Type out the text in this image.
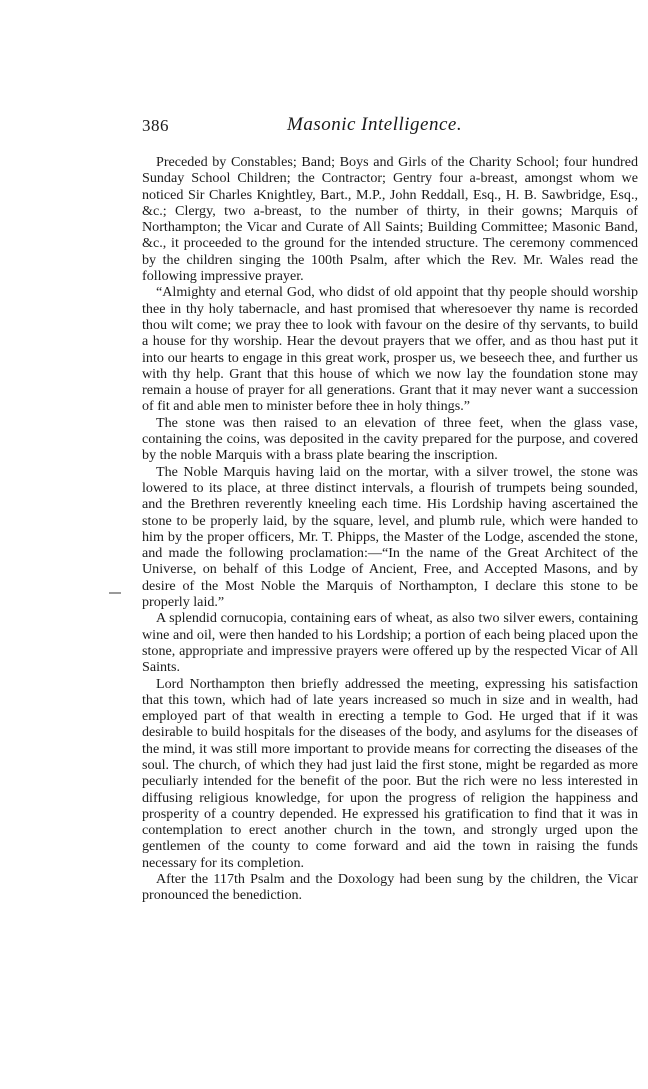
386	Masonic Intelligence.

Preceded by Constables; Band; Boys and Girls of the Charity School; four hundred Sunday School Children; the Contractor; Gentry four a-breast, amongst whom we noticed Sir Charles Knightley, Bart., M.P., John Reddall, Esq., H. B. Sawbridge, Esq., &c.; Clergy, two a-breast, to the number of thirty, in their gowns; Marquis of Northampton; the Vicar and Curate of All Saints; Building Committee; Masonic Band, &c., it proceeded to the ground for the intended structure. The ceremony commenced by the children singing the 100th Psalm, after which the Rev. Mr. Wales read the following impressive prayer.

“Almighty and eternal God, who didst of old appoint that thy people should worship thee in thy holy tabernacle, and hast promised that wheresoever thy name is recorded thou wilt come; we pray thee to look with favour on the desire of thy servants, to build a house for thy worship. Hear the devout prayers that we offer, and as thou hast put it into our hearts to engage in this great work, prosper us, we beseech thee, and further us with thy help. Grant that this house of which we now lay the foundation stone may remain a house of prayer for all generations. Grant that it may never want a succession of fit and able men to minister before thee in holy things.”

The stone was then raised to an elevation of three feet, when the glass vase, containing the coins, was deposited in the cavity prepared for the purpose, and covered by the noble Marquis with a brass plate bearing the inscription.

The Noble Marquis having laid on the mortar, with a silver trowel, the stone was lowered to its place, at three distinct intervals, a flourish of trumpets being sounded, and the Brethren reverently kneeling each time. His Lordship having ascertained the stone to be properly laid, by the square, level, and plumb rule, which were handed to him by the proper officers, Mr. T. Phipps, the Master of the Lodge, ascended the stone, and made the following proclamation:—“In the name of the Great Architect of the Universe, on behalf of this Lodge of Ancient, Free, and Accepted Masons, and by desire of the Most Noble the Marquis of Northampton, I declare this stone to be properly laid.”

A splendid cornucopia, containing ears of wheat, as also two silver ewers, containing wine and oil, were then handed to his Lordship; a portion of each being placed upon the stone, appropriate and impressive prayers were offered up by the respected Vicar of All Saints.

Lord Northampton then briefly addressed the meeting, expressing his satisfaction that this town, which had of late years increased so much in size and in wealth, had employed part of that wealth in erecting a temple to God. He urged that if it was desirable to build hospitals for the diseases of the body, and asylums for the diseases of the mind, it was still more important to provide means for correcting the diseases of the soul. The church, of which they had just laid the first stone, might be regarded as more peculiarly intended for the benefit of the poor. But the rich were no less interested in diffusing religious knowledge, for upon the progress of religion the happiness and prosperity of a country depended. He expressed his gratification to find that it was in contemplation to erect another church in the town, and strongly urged upon the gentlemen of the county to come forward and aid the town in raising the funds necessary for its completion.

After the 117th Psalm and the Doxology had been sung by the children, the Vicar pronounced the benediction.
